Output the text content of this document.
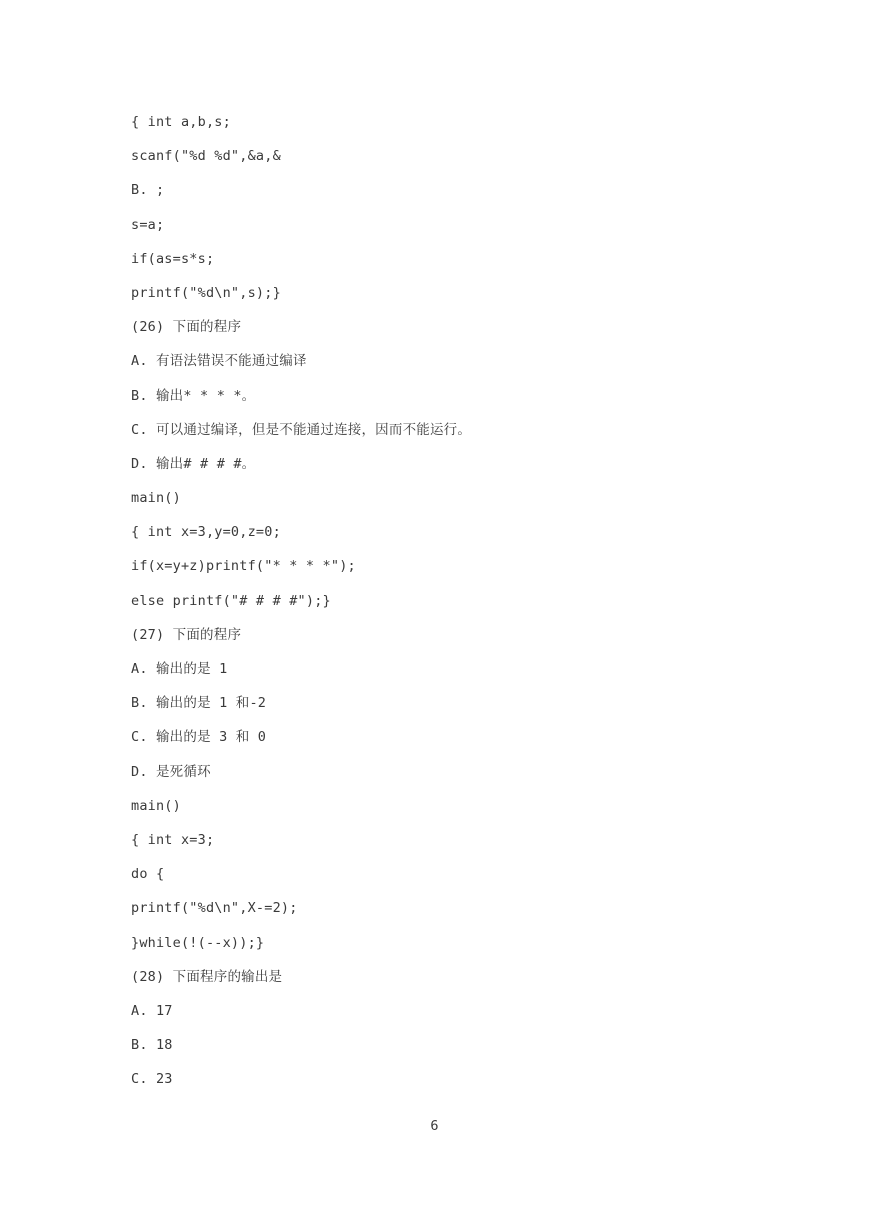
{ int a,b,s;
scanf("%d %d",&a,&
B. ;
s=a;
if(as=s*s;
printf("%d\n",s);}
(26) 下面的程序
A. 有语法错误不能通过编译
B. 输出* * * *。
C. 可以通过编译，但是不能通过连接，因而不能运行。
D. 输出# # # #。
main()
{ int x=3,y=0,z=0;
if(x=y+z)printf("* * * *");
else printf("# # # #");}
(27) 下面的程序
A. 输出的是 1
B. 输出的是 1 和-2
C. 输出的是 3 和 0
D. 是死循环
main()
{ int x=3;
do {
printf("%d\n",X-=2);
}while(!(--x));}
(28) 下面程序的输出是
A. 17
B. 18
C. 23
6
